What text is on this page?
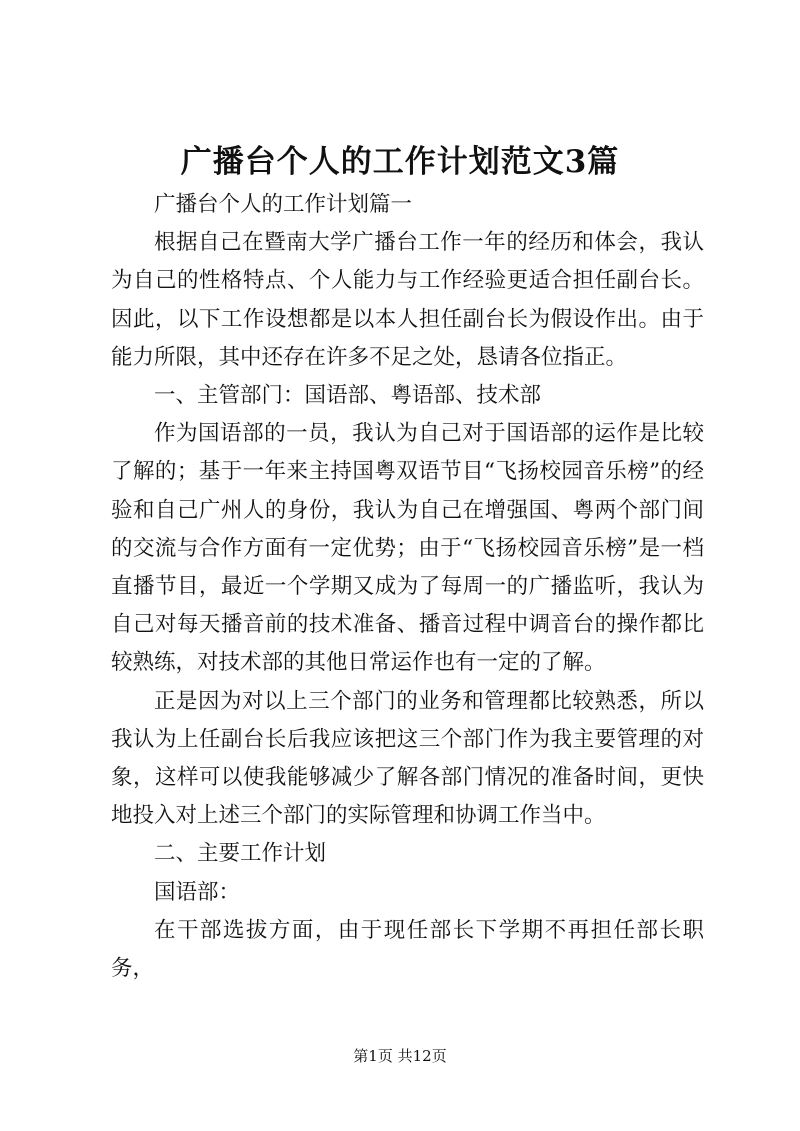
广播台个人的工作计划范文3篇

广播台个人的工作计划篇一

根据自己在暨南大学广播台工作一年的经历和体会，我认为自己的性格特点、个人能力与工作经验更适合担任副台长。因此，以下工作设想都是以本人担任副台长为假设作出。由于能力所限，其中还存在许多不足之处，恳请各位指正。

一、主管部门：国语部、粤语部、技术部

作为国语部的一员，我认为自己对于国语部的运作是比较了解的；基于一年来主持国粤双语节目“飞扬校园音乐榜”的经验和自己广州人的身份，我认为自己在增强国、粤两个部门间的交流与合作方面有一定优势；由于“飞扬校园音乐榜”是一档直播节目，最近一个学期又成为了每周一的广播监听，我认为自己对每天播音前的技术准备、播音过程中调音台的操作都比较熟练，对技术部的其他日常运作也有一定的了解。

正是因为对以上三个部门的业务和管理都比较熟悉，所以我认为上任副台长后我应该把这三个部门作为我主要管理的对象，这样可以使我能够减少了解各部门情况的准备时间，更快地投入对上述三个部门的实际管理和协调工作当中。

二、主要工作计划

国语部：

在干部选拔方面，由于现任部长下学期不再担任部长职务，

第1页 共12页
